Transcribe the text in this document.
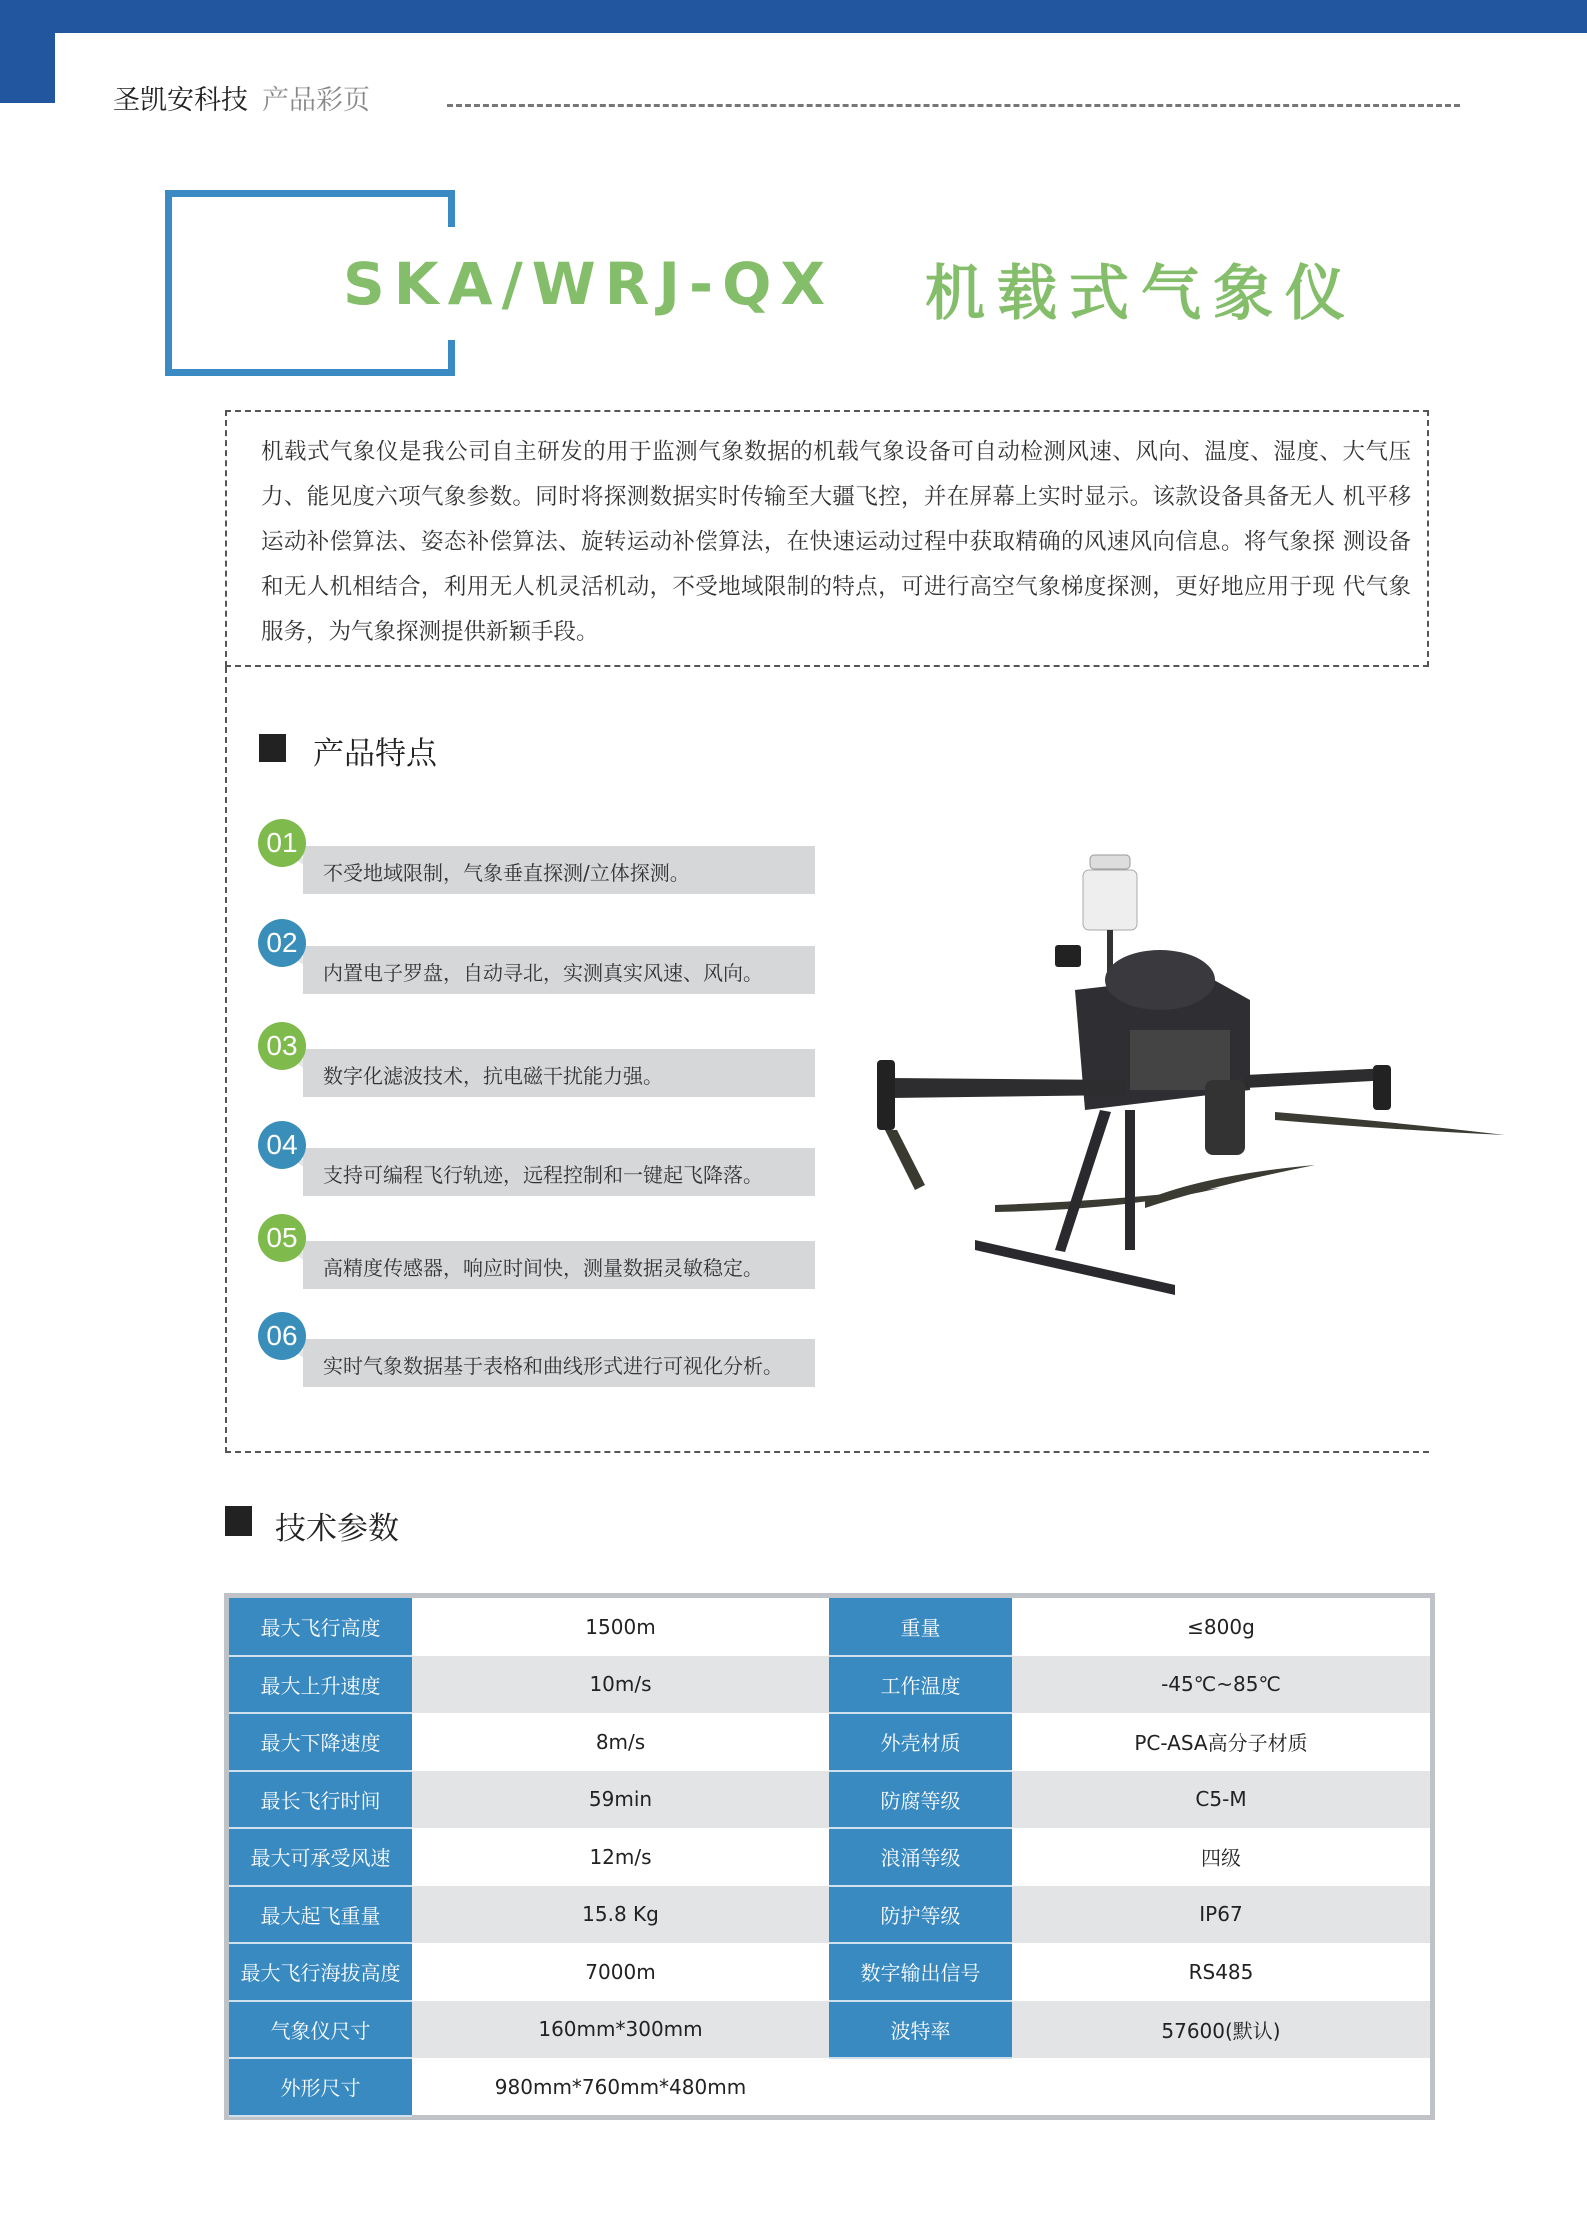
圣凯安科技 产品彩页
SKA/WRJ-QX 机载式气象仪
机载式气象仪是我公司自主研发的用于监测气象数据的机载气象设备可自动检测风速、风向、温度、湿度、大气压力、能见度六项气象参数。同时将探测数据实时传输至大疆飞控，并在屏幕上实时显示。该款设备具备无人 机平移运动补偿算法、姿态补偿算法、旋转运动补偿算法，在快速运动过程中获取精确的风速风向信息。将气象探 测设备和无人机相结合，利用无人机灵活机动，不受地域限制的特点，可进行高空气象梯度探测，更好地应用于现 代气象服务，为气象探测提供新颖手段。
产品特点
不受地域限制，气象垂直探测/立体探测。
01
内置电子罗盘，自动寻北，实测真实风速、风向。
02
数字化滤波技术，抗电磁干扰能力强。
03
支持可编程飞行轨迹，远程控制和一键起飞降落。
04
高精度传感器，响应时间快，测量数据灵敏稳定。
05
实时气象数据基于表格和曲线形式进行可视化分析。
06
技术参数
最大飞行高度	1500m	重量	≤800g
最大上升速度	10m/s	工作温度	-45℃~85℃
最大下降速度	8m/s	外壳材质	PC-ASA高分子材质
最长飞行时间	59min	防腐等级	C5-M
最大可承受风速	12m/s	浪涌等级	四级
最大起飞重量	15.8 Kg	防护等级	IP67
最大飞行海拔高度	7000m	数字输出信号	RS485
气象仪尺寸	160mm*300mm	波特率	57600(默认)
外形尺寸	980mm*760mm*480mm		
